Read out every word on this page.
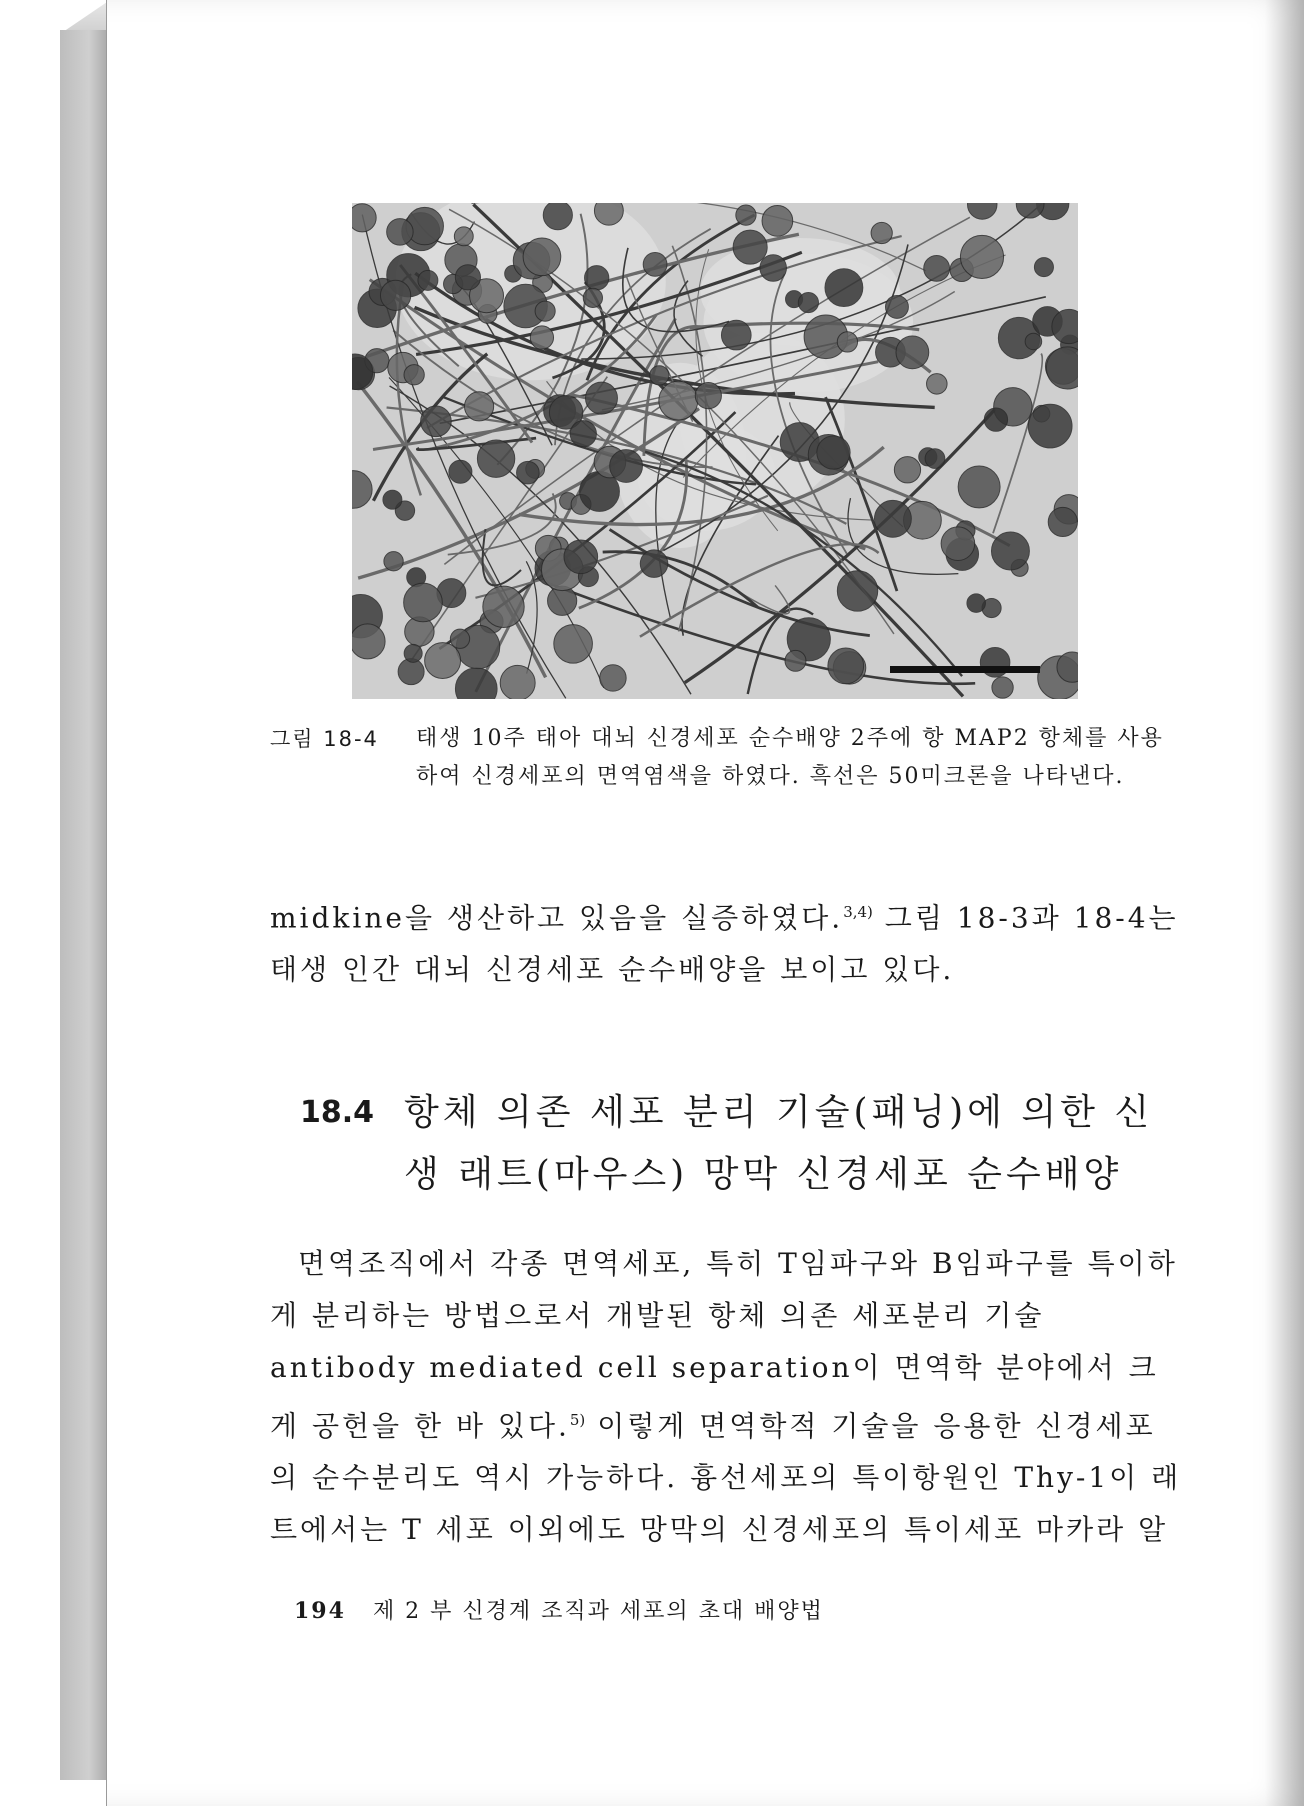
그림 18-4 태생 10주 태아 대뇌 신경세포 순수배양 2주에 항 MAP2 항체를 사용하여 신경세포의 면역염색을 하였다. 흑선은 50미크론을 나타낸다.
midkine을 생산하고 있음을 실증하였다.$^{3,4)}$ 그림 18-3과 18-4는 태생 인간 대뇌 신경세포 순수배양을 보이고 있다.
18.4 항체 의존 세포 분리 기술(패닝)에 의한 신생 래트(마우스) 망막 신경세포 순수배양
면역조직에서 각종 면역세포, 특히 T임파구와 B임파구를 특이하게 분리하는 방법으로서 개발된 항체 의존 세포분리 기술 antibody mediated cell separation이 면역학 분야에서 크게 공헌을 한 바 있다.$^{5)}$ 이렇게 면역학적 기술을 응용한 신경세포의 순수분리도 역시 가능하다. 흉선세포의 특이항원인 Thy-1이 래트에서는 T 세포 이외에도 망막의 신경세포의 특이세포 마카라 알
194 제 2 부 신경계 조직과 세포의 초대 배양법
